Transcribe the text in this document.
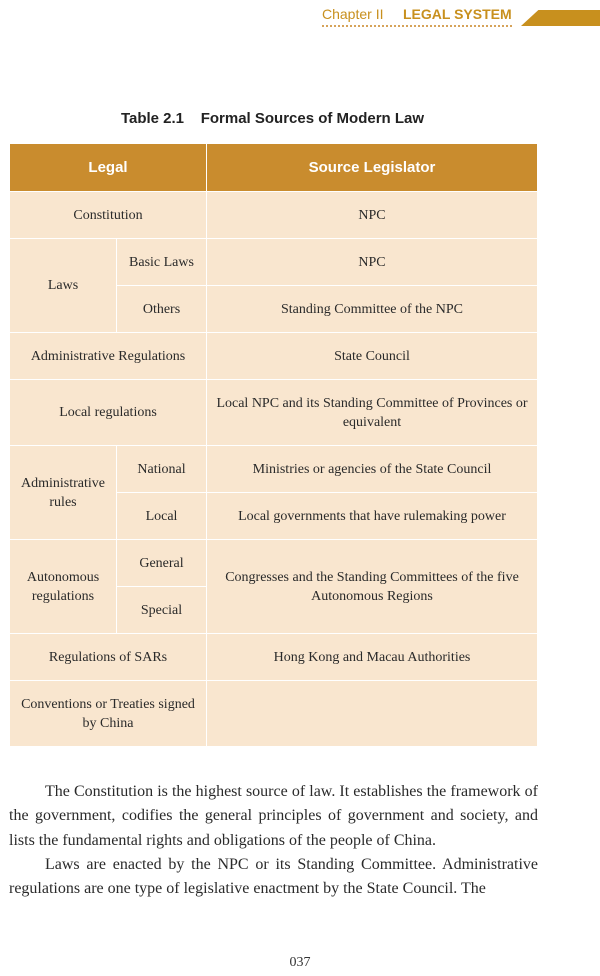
Chapter II LEGAL SYSTEM
Table 2.1    Formal Sources of Modern Law
Legal		Source Legislator
Constitution		NPC
Laws	Basic Laws	NPC
	Others	Standing Committee of the NPC
Administrative Regulations		State Council
Local regulations		Local NPC and its Standing Committee of Provinces or equivalent
Administrative rules	National	Ministries or agencies of the State Council
	Local	Local governments that have rulemaking power
Autonomous regulations	General	Congresses and the Standing Committees of the five Autonomous Regions
	Special	
Regulations of SARs		Hong Kong and Macau Authorities
Conventions or Treaties signed by China		

The Constitution is the highest source of law. It establishes the framework of the government, codifies the general principles of government and society, and lists the fundamental rights and obligations of the people of China.

Laws are enacted by the NPC or its Standing Committee. Administrative regulations are one type of legislative enactment by the State Council. The

037
